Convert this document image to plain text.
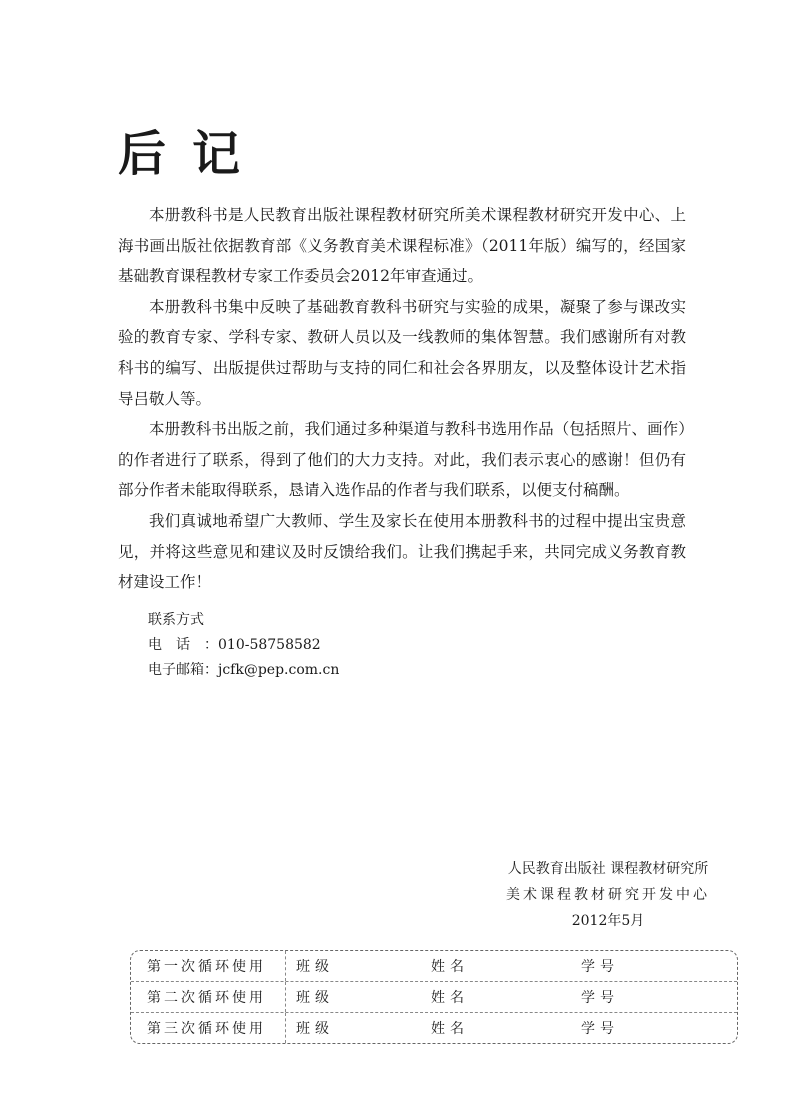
后记

本册教科书是人民教育出版社课程教材研究所美术课程教材研究开发中心、上海书画出版社依据教育部《义务教育美术课程标准》（2011年版）编写的，经国家基础教育课程教材专家工作委员会2012年审查通过。

本册教科书集中反映了基础教育教科书研究与实验的成果，凝聚了参与课改实验的教育专家、学科专家、教研人员以及一线教师的集体智慧。我们感谢所有对教科书的编写、出版提供过帮助与支持的同仁和社会各界朋友，以及整体设计艺术指导吕敬人等。

本册教科书出版之前，我们通过多种渠道与教科书选用作品（包括照片、画作）的作者进行了联系，得到了他们的大力支持。对此，我们表示衷心的感谢！但仍有部分作者未能取得联系，恳请入选作品的作者与我们联系，以便支付稿酬。

我们真诚地希望广大教师、学生及家长在使用本册教科书的过程中提出宝贵意见，并将这些意见和建议及时反馈给我们。让我们携起手来，共同完成义务教育教材建设工作！

联系方式
电话：010-58758582
电子邮箱：jcfk@pep.com.cn
人民教育出版社 课程教材研究所
美术课程教材研究开发中心
2012年5月
第一次循环使用	班级	姓名	学号
第二次循环使用	班级	姓名	学号
第三次循环使用	班级	姓名	学号
